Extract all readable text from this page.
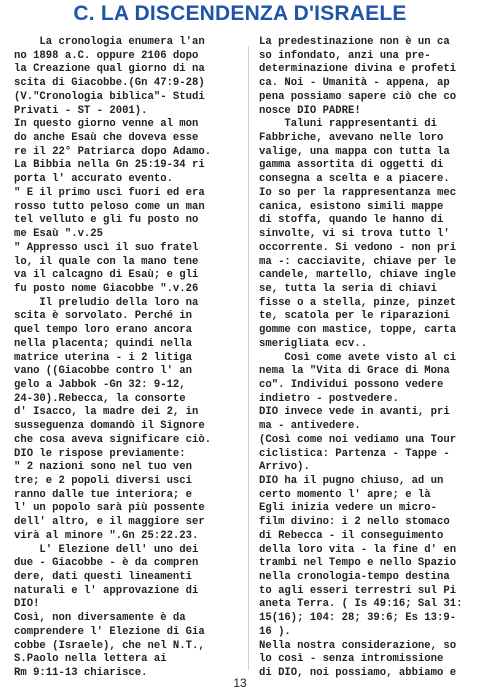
C. LA DISCENDENZA D'ISRAELE
La cronologia enumera l'an
no 1898 a.C. oppure 2106 dopo
la Creazione qual giorno di na
scita di Giacobbe.(Gn 47:9-28)
(V."Cronologia biblica"- Studi
Privati - ST - 2001).
In questo giorno venne al mon
do anche Esaù che doveva esse
re il 22° Patriarca dopo Adamo.
La Bibbia nella Gn 25:19-34 ri
porta l' accurato evento.
" E il primo uscì fuori ed era
rosso tutto peloso come un man
tel velluto e gli fu posto no
me Esaù ".v.25
" Appresso uscì il suo fratel
lo, il quale con la mano tene
va il calcagno di Esaù; e gli
fu posto nome Giacobbe ".v.26
Il preludio della loro na
scita è sorvolato. Perché in
quel tempo loro erano ancora
nella placenta; quindi nella
matrice uterina - i 2 litiga
vano ((Giacobbe contro l' an
gelo a Jabbok -Gn 32: 9-12,
24-30).Rebecca, la consorte
d' Isacco, la madre dei 2, in
susseguenza domandò il Signore
che cosa aveva significare ciò.
DIO le rispose previamente:
" 2 nazioni sono nel tuo ven
tre; e 2 popoli diversi usci
ranno dalle tue interiora; e
l' un popolo sarà più possente
dell' altro, e il maggiore ser
virà al minore ".Gn 25:22.23.
L' Elezione dell' uno dei
due - Giacobbe - è da compren
dere, dati questi lineamenti
naturali e l' approvazione di
DIO!
Così, non diversamente è da
comprendere l' Elezione di Gia
cobbe (Israele), che nel N.T.,
S.Paolo nella lettera ai
Rm 9:11-13 chiarisce.
La predestinazione non è un ca
so infondato, anzi una pre-
determinazione divina e profeti
ca. Noi - Umanità - appena, ap
pena possiamo sapere ciò che co
nosce DIO PADRE!
Taluni rappresentanti di
Fabbriche, avevano nelle loro
valige, una mappa con tutta la
gamma assortita di oggetti di
consegna a scelta e a piacere.
Io so per la rappresentanza mec
canica, esistono simili mappe
di stoffa, quando le hanno di
sinvolte, vi si trova tutto l'
occorrente. Si vedono - non pri
ma -: cacciavite, chiave per le
candele, martello, chiave ingle
se, tutta la seria di chiavi
fisse o a stella, pinze, pinzet
te, scatola per le riparazioni
gomme con mastice, toppe, carta
smerigliata ecv..
Così come avete visto al ci
nema la "Vita di Grace di Mona
co". Individui possono vedere
indietro - postvedere.
DIO invece vede in avanti, pri
ma - antivedere.
(Così come noi vediamo una Tour
ciclistica: Partenza - Tappe -
Arrivo).
DIO ha il pugno chiuso, ad un
certo momento l' apre; e là
Egli inizia vedere un micro-
film divino: i 2 nello stomaco
di Rebecca - il conseguimento
della loro vita - la fine d' en
trambi nel Tempo e nello Spazio
nella cronologia-tempo destina
to agli esseri terrestri sul Pi
aneta Terra. ( Is 49:16; Sal 31:
15(16); 104: 28; 39:6; Es 13:9-
16 ).
Nella nostra considerazione, so
lo così - senza intromissione
di DIO, noi possiamo, abbiamo e
13
